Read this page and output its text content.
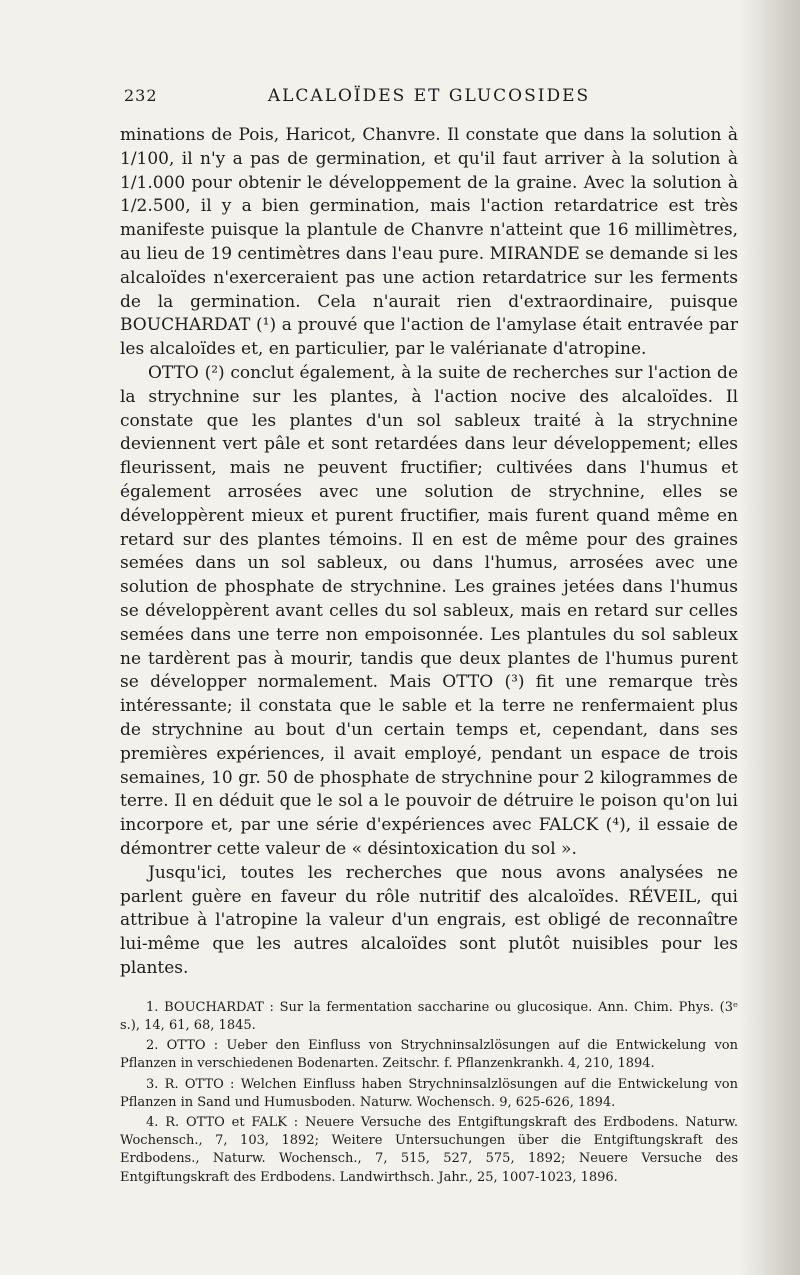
232	ALCALOÏDES ET GLUCOSIDES

minations de Pois, Haricot, Chanvre. Il constate que dans la solution à 1/100, il n'y a pas de germination, et qu'il faut arriver à la solution à 1/1.000 pour obtenir le développement de la graine. Avec la solution à 1/2.500, il y a bien germination, mais l'action retardatrice est très manifeste puisque la plantule de Chanvre n'atteint que 16 millimètres, au lieu de 19 centimètres dans l'eau pure. MIRANDE se demande si les alcaloïdes n'exerceraient pas une action retardatrice sur les ferments de la germination. Cela n'aurait rien d'extraordinaire, puisque BOUCHARDAT (¹) a prouvé que l'action de l'amylase était entravée par les alcaloïdes et, en particulier, par le valérianate d'atropine.

OTTO (²) conclut également, à la suite de recherches sur l'action de la strychnine sur les plantes, à l'action nocive des alcaloïdes. Il constate que les plantes d'un sol sableux traité à la strychnine deviennent vert pâle et sont retardées dans leur développement; elles fleurissent, mais ne peuvent fructifier; cultivées dans l'humus et également arrosées avec une solution de strychnine, elles se développèrent mieux et purent fructifier, mais furent quand même en retard sur des plantes témoins. Il en est de même pour des graines semées dans un sol sableux, ou dans l'humus, arrosées avec une solution de phosphate de strychnine. Les graines jetées dans l'humus se développèrent avant celles du sol sableux, mais en retard sur celles semées dans une terre non empoisonnée. Les plantules du sol sableux ne tardèrent pas à mourir, tandis que deux plantes de l'humus purent se développer normalement. Mais OTTO (³) fit une remarque très intéressante; il constata que le sable et la terre ne renfermaient plus de strychnine au bout d'un certain temps et, cependant, dans ses premières expériences, il avait employé, pendant un espace de trois semaines, 10 gr. 50 de phosphate de strychnine pour 2 kilogrammes de terre. Il en déduit que le sol a le pouvoir de détruire le poison qu'on lui incorpore et, par une série d'expériences avec FALCK (⁴), il essaie de démontrer cette valeur de « désintoxication du sol ».

Jusqu'ici, toutes les recherches que nous avons analysées ne parlent guère en faveur du rôle nutritif des alcaloïdes. RÉVEIL, qui attribue à l'atropine la valeur d'un engrais, est obligé de reconnaître lui-même que les autres alcaloïdes sont plutôt nuisibles pour les plantes.

1. BOUCHARDAT : Sur la fermentation saccharine ou glucosique. Ann. Chim. Phys. (3ᵉ s.), 14, 61, 68, 1845.

2. OTTO : Ueber den Einfluss von Strychninsalzlösungen auf die Entwickelung von Pflanzen in verschiedenen Bodenarten. Zeitschr. f. Pflanzenkrankh. 4, 210, 1894.

3. R. OTTO : Welchen Einfluss haben Strychninsalzlösungen auf die Entwickelung von Pflanzen in Sand und Humusboden. Naturw. Wochensch. 9, 625-626, 1894.

4. R. OTTO et FALK : Neuere Versuche des Entgiftungskraft des Erdbodens. Naturw. Wochensch., 7, 103, 1892; Weitere Untersuchungen über die Entgiftungskraft des Erdbodens., Naturw. Wochensch., 7, 515, 527, 575, 1892; Neuere Versuche des Entgiftungskraft des Erdbodens. Landwirthsch. Jahr., 25, 1007-1023, 1896.
